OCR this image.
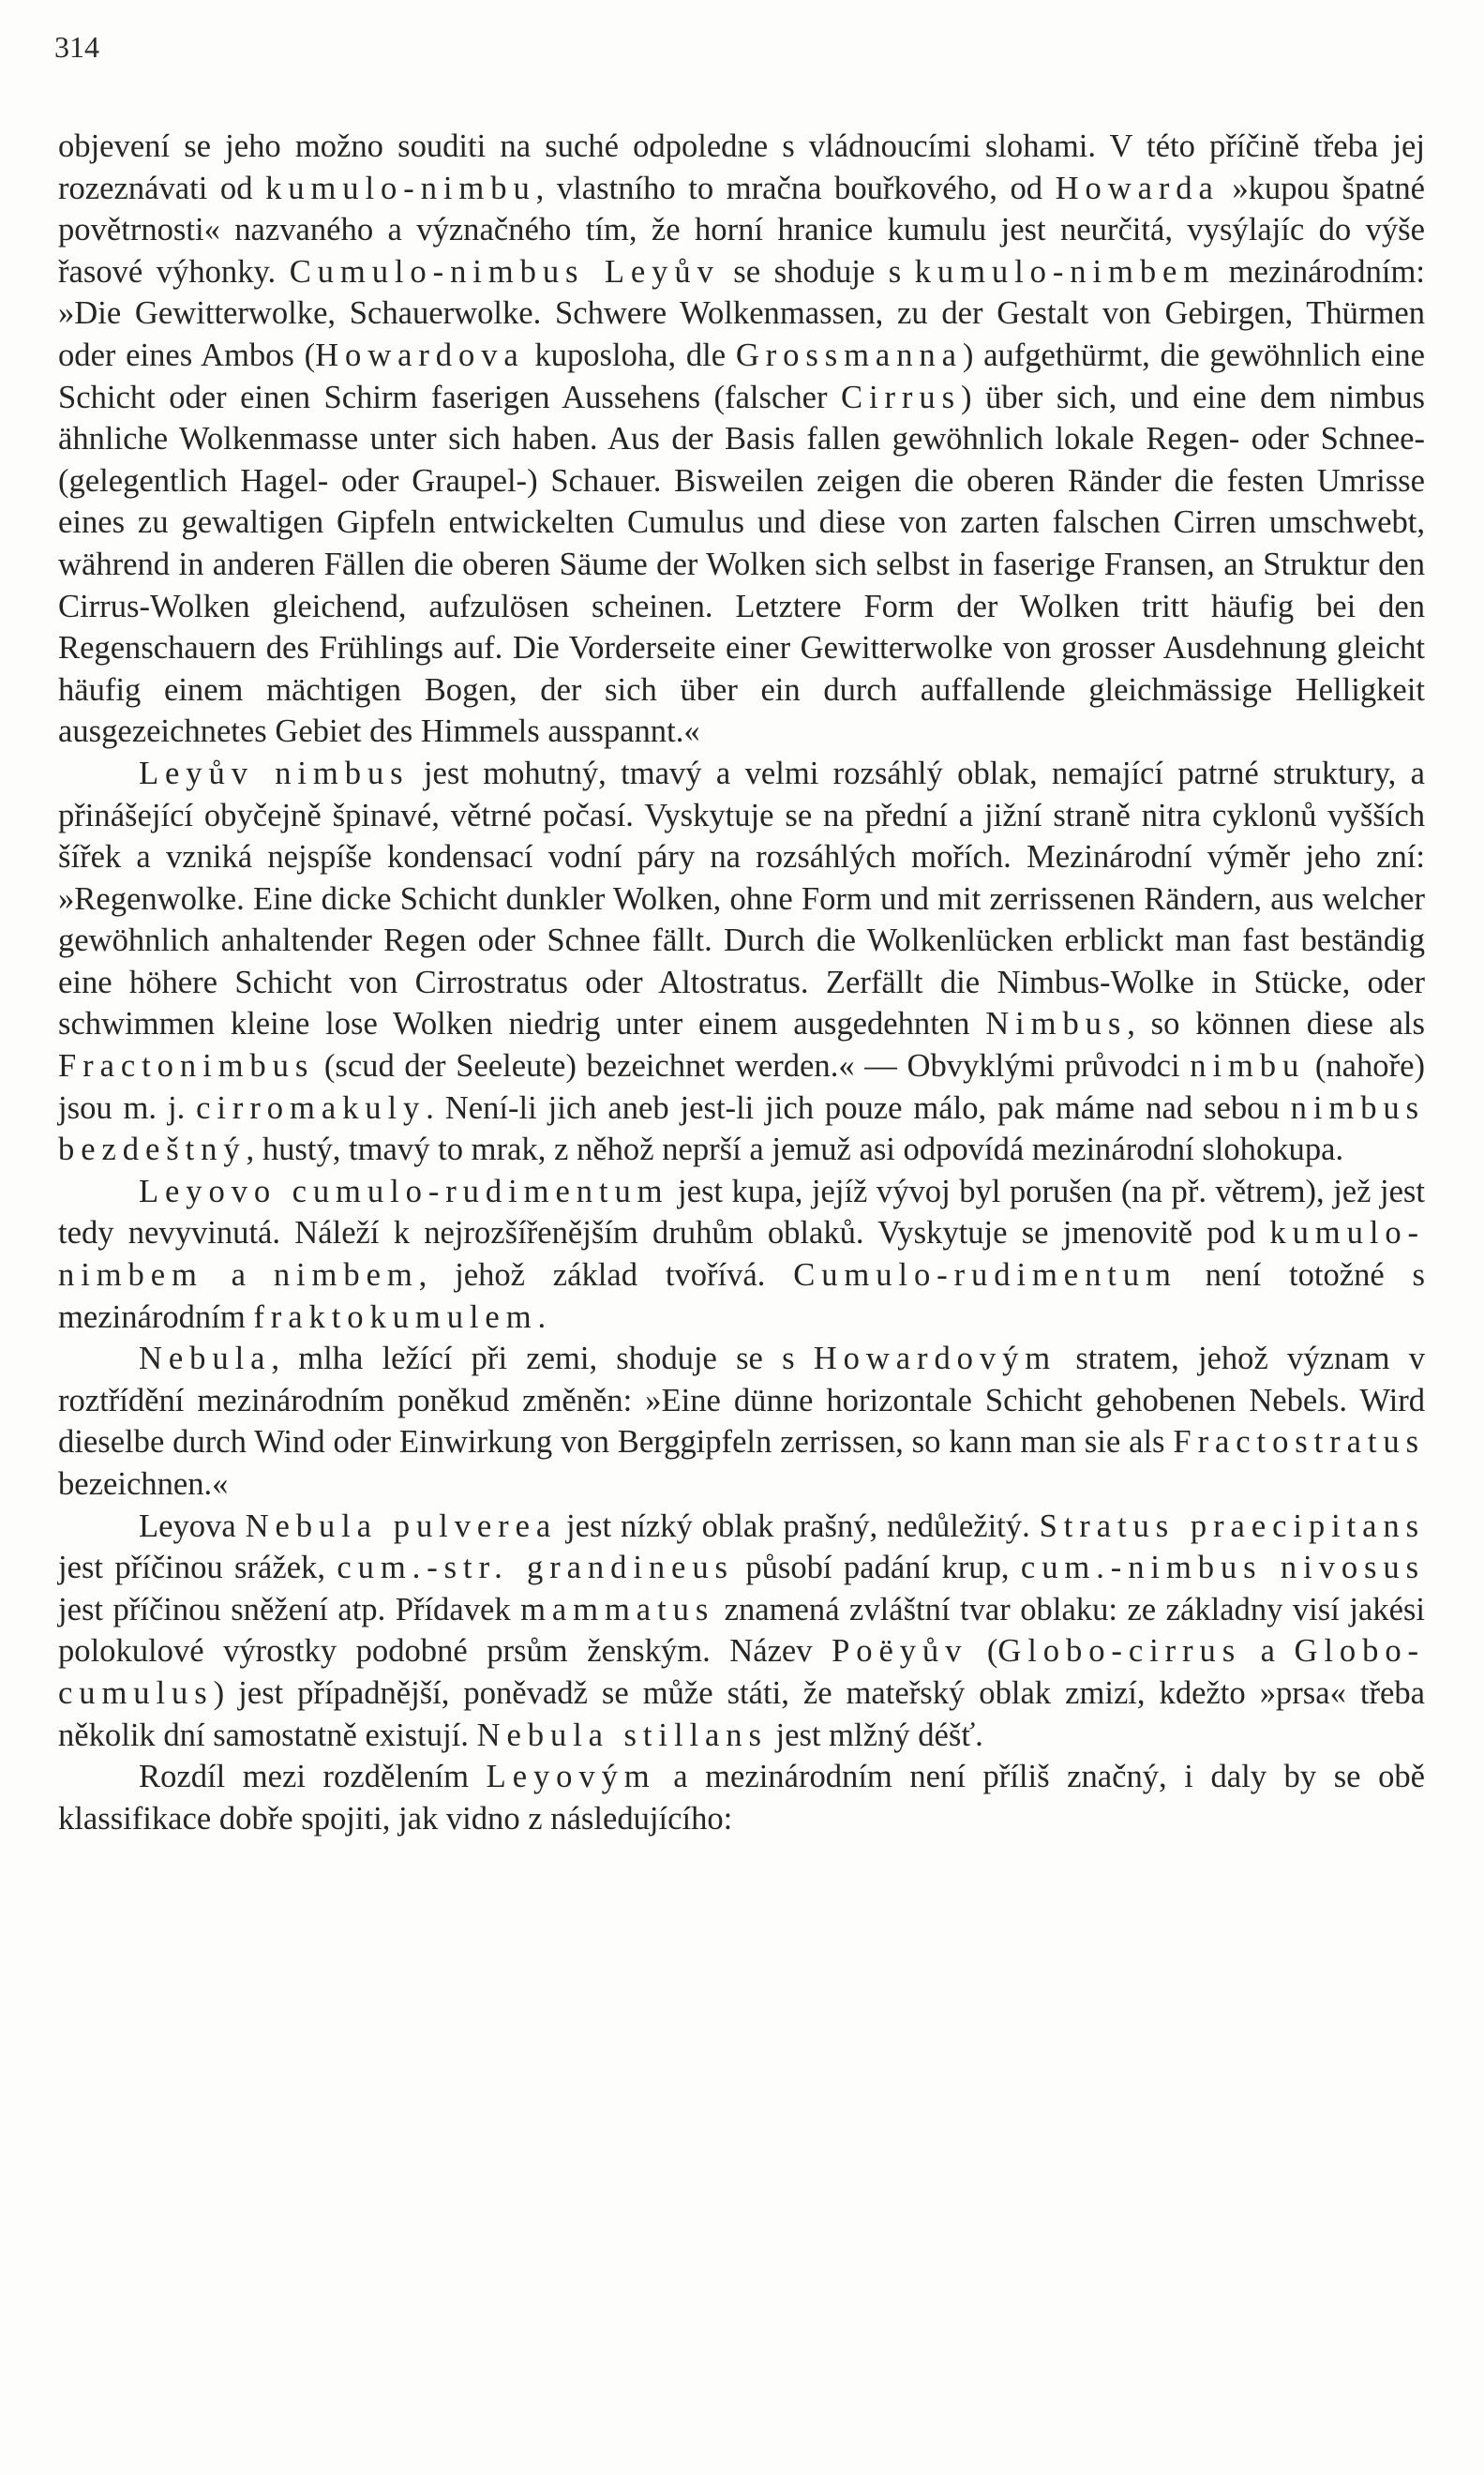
314

objevení se jeho možno souditi na suché odpoledne s vládnoucími slohami. V této příčině třeba jej rozeznávati od kumulo-nimbu, vlastního to mračna bouřkového, od Howarda »kupou špatné povětrnosti« nazvaného a význačného tím, že horní hranice kumulu jest neurčitá, vysýlajíc do výše řasové výhonky. Cumulo-nimbus Leyův se shoduje s kumulo-nimbem mezinárodním: »Die Gewitterwolke, Schauerwolke. Schwere Wolkenmassen, zu der Gestalt von Gebirgen, Thürmen oder eines Ambos (Howardova kuposloha, dle Grossmanna) aufgethürmt, die gewöhnlich eine Schicht oder einen Schirm faserigen Aussehens (falscher Cirrus) über sich, und eine dem nimbus ähnliche Wolkenmasse unter sich haben. Aus der Basis fallen gewöhnlich lokale Regen- oder Schnee- (gelegentlich Hagel- oder Graupel-) Schauer. Bisweilen zeigen die oberen Ränder die festen Umrisse eines zu gewaltigen Gipfeln entwickelten Cumulus und diese von zarten falschen Cirren umschwebt, während in anderen Fällen die oberen Säume der Wolken sich selbst in faserige Fransen, an Struktur den Cirrus-Wolken gleichend, aufzulösen scheinen. Letztere Form der Wolken tritt häufig bei den Regenschauern des Frühlings auf. Die Vorderseite einer Gewitterwolke von grosser Ausdehnung gleicht häufig einem mächtigen Bogen, der sich über ein durch auffallende gleichmässige Helligkeit ausgezeichnetes Gebiet des Himmels ausspannt.«

Leyův nimbus jest mohutný, tmavý a velmi rozsáhlý oblak, nemající patrné struktury, a přinášející obyčejně špinavé, větrné počasí. Vyskytuje se na přední a jižní straně nitra cyklonů vyšších šířek a vzniká nejspíše kondensací vodní páry na rozsáhlých mořích. Mezinárodní výměr jeho zní: »Regenwolke. Eine dicke Schicht dunkler Wolken, ohne Form und mit zerrissenen Rändern, aus welcher gewöhnlich anhaltender Regen oder Schnee fällt. Durch die Wolkenlücken erblickt man fast beständig eine höhere Schicht von Cirrostratus oder Altostratus. Zerfällt die Nimbus-Wolke in Stücke, oder schwimmen kleine lose Wolken niedrig unter einem ausgedehnten Nimbus, so können diese als Fractonimbus (scud der Seeleute) bezeichnet werden.« — Obvyklými průvodci nimbu (nahoře) jsou m. j. cirromakuly. Není-li jich aneb jest-li jich pouze málo, pak máme nad sebou nimbus bezdeštný, hustý, tmavý to mrak, z něhož neprší a jemuž asi odpovídá mezinárodní slohokupa.

Leyovo cumulo-rudimentum jest kupa, jejíž vývoj byl porušen (na př. větrem), jež jest tedy nevyvinutá. Náleží k nejrozšířenějším druhům oblaků. Vyskytuje se jmenovitě pod kumulo-nimbem a nimbem, jehož základ tvořívá. Cumulo-rudimentum není totožné s mezinárodním fraktokumulem.

Nebula, mlha ležící při zemi, shoduje se s Howardovým stratem, jehož význam v roztřídění mezinárodním poněkud změněn: »Eine dünne horizontale Schicht gehobenen Nebels. Wird dieselbe durch Wind oder Einwirkung von Berggipfeln zerrissen, so kann man sie als Fractostratus bezeichnen.«

Leyova Nebula pulverea jest nízký oblak prašný, nedůležitý. Stratus praecipitans jest příčinou srážek, cum.-str. grandineus působí padání krup, cum.-nimbus nivosus jest příčinou sněžení atp. Přídavek mammatus znamená zvláštní tvar oblaku: ze základny visí jakési polokulové výrostky podobné prsům ženským. Název Poëyův (Globo-cirrus a Globo-cumulus) jest případnější, poněvadž se může státi, že mateřský oblak zmizí, kdežto »prsa« třeba několik dní samostatně existují. Nebula stillans jest mlžný déšť.

Rozdíl mezi rozdělením Leyovým a mezinárodním není příliš značný, i daly by se obě klassifikace dobře spojiti, jak vidno z následujícího:
